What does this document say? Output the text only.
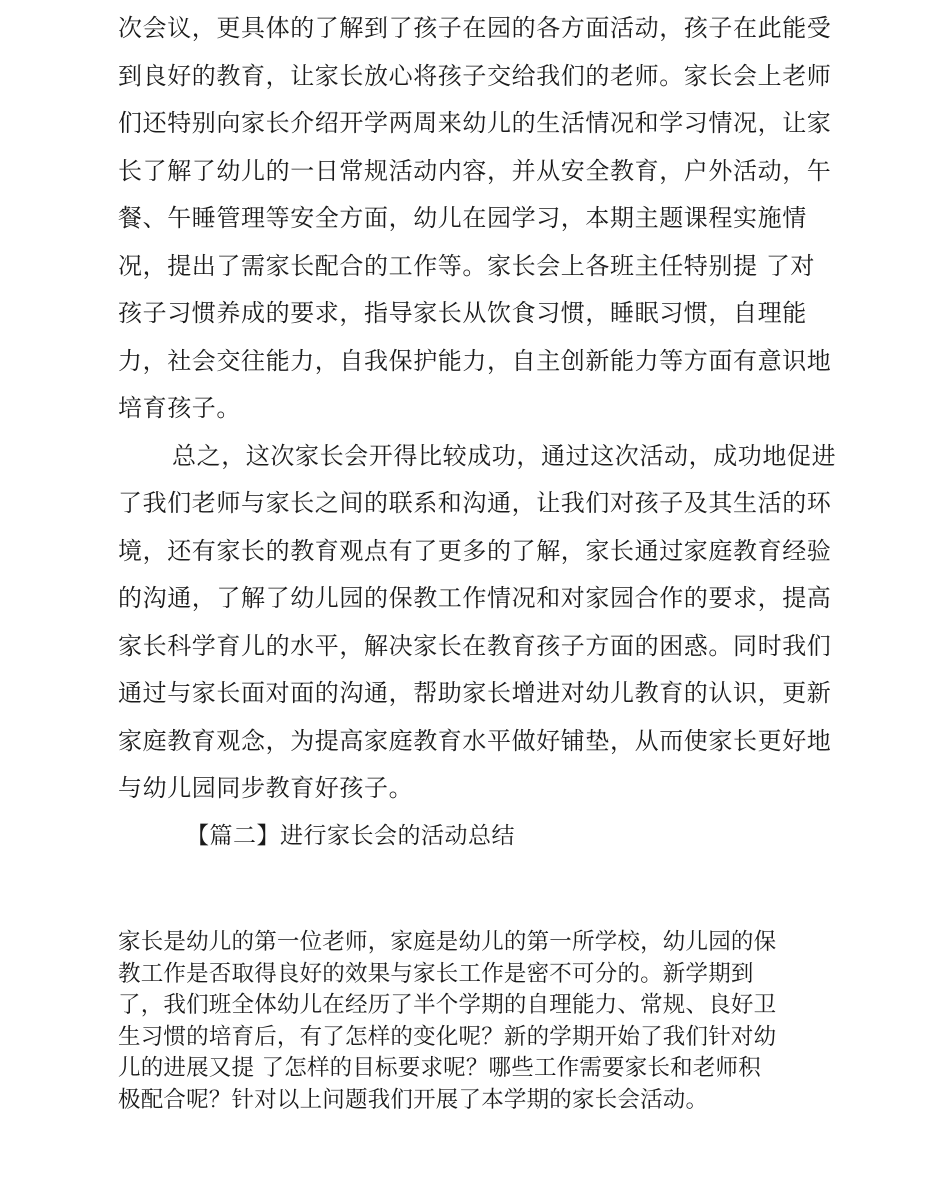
次会议，更具体的了解到了孩子在园的各方面活动，孩子在此能受
到良好的教育，让家长放心将孩子交给我们的老师。家长会上老师
们还特别向家长介绍开学两周来幼儿的生活情况和学习情况，让家
长了解了幼儿的一日常规活动内容，并从安全教育，户外活动，午
餐、午睡管理等安全方面，幼儿在园学习，本期主题课程实施情
况，提出了需家长配合的工作等。家长会上各班主任特别提 了对
孩子习惯养成的要求，指导家长从饮食习惯，睡眠习惯，自理能
力，社会交往能力，自我保护能力，自主创新能力等方面有意识地
培育孩子。
总之，这次家长会开得比较成功，通过这次活动，成功地促进
了我们老师与家长之间的联系和沟通，让我们对孩子及其生活的环
境，还有家长的教育观点有了更多的了解，家长通过家庭教育经验
的沟通，了解了幼儿园的保教工作情况和对家园合作的要求，提高
家长科学育儿的水平，解决家长在教育孩子方面的困惑。同时我们
通过与家长面对面的沟通，帮助家长增进对幼儿教育的认识，更新
家庭教育观念，为提高家庭教育水平做好铺垫，从而使家长更好地
与幼儿园同步教育好孩子。
【篇二】进行家长会的活动总结
家长是幼儿的第一位老师，家庭是幼儿的第一所学校，幼儿园的保
教工作是否取得良好的效果与家长工作是密不可分的。新学期到
了，我们班全体幼儿在经历了半个学期的自理能力、常规、良好卫
生习惯的培育后，有了怎样的变化呢？新的学期开始了我们针对幼
儿的进展又提 了怎样的目标要求呢？哪些工作需要家长和老师积
极配合呢？针对以上问题我们开展了本学期的家长会活动。
